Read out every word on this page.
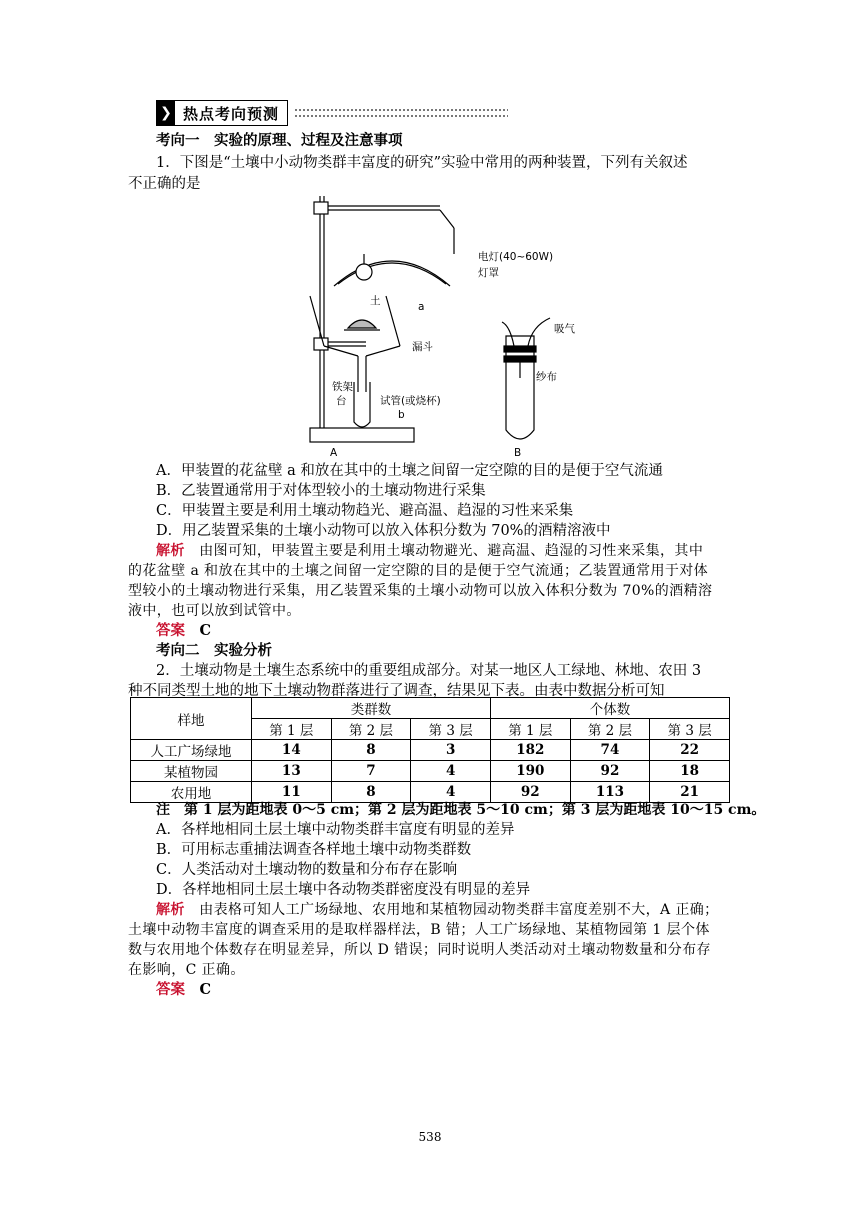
❯ 热点考向预测
考向一　实验的原理、过程及注意事项
1．下图是“土壤中小动物类群丰富度的研究”实验中常用的两种装置，下列有关叙述
不正确的是
电灯(40~60W)
灯罩
土	a
漏斗
铁架
台	试管(或烧杯)
b
A
吸气
纱布
B
A．甲装置的花盆壁 a 和放在其中的土壤之间留一定空隙的目的是便于空气流通
B．乙装置通常用于对体型较小的土壤动物进行采集
C．甲装置主要是利用土壤动物趋光、避高温、趋湿的习性来采集
D．用乙装置采集的土壤小动物可以放入体积分数为 70%的酒精溶液中
解析　 由图可知，甲装置主要是利用土壤动物避光、避高温、趋湿的习性来采集，其中
的花盆壁 a 和放在其中的土壤之间留一定空隙的目的是便于空气流通；乙装置通常用于对体
型较小的土壤动物进行采集，用乙装置采集的土壤小动物可以放入体积分数为 70%的酒精溶
液中，也可以放到试管中。
答案　 C
考向二　实验分析
2．土壤动物是土壤生态系统中的重要组成部分。对某一地区人工绿地、林地、农田 3
种不同类型土地的地下土壤动物群落进行了调查，结果见下表。由表中数据分析可知
样地	类群数			个体数		
	第 1 层	第 2 层	第 3 层	第 1 层	第 2 层	第 3 层
人工广场绿地	14	8	3	182	74	22
某植物园	13	7	4	190	92	18
农用地	11	8	4	92	113	21
注　第 1 层为距地表 0～5 cm；第 2 层为距地表 5～10 cm；第 3 层为距地表 10～15 cm。
A．各样地相同土层土壤中动物类群丰富度有明显的差异
B．可用标志重捕法调查各样地土壤中动物类群数
C．人类活动对土壤动物的数量和分布存在影响
D．各样地相同土层土壤中各动物类群密度没有明显的差异
解析　 由表格可知人工广场绿地、农用地和某植物园动物类群丰富度差别不大，A 正确；
土壤中动物丰富度的调查采用的是取样器样法，B 错；人工广场绿地、某植物园第 1 层个体
数与农用地个体数存在明显差异，所以 D 错误；同时说明人类活动对土壤动物数量和分布存
在影响，C 正确。
答案　 C
538
